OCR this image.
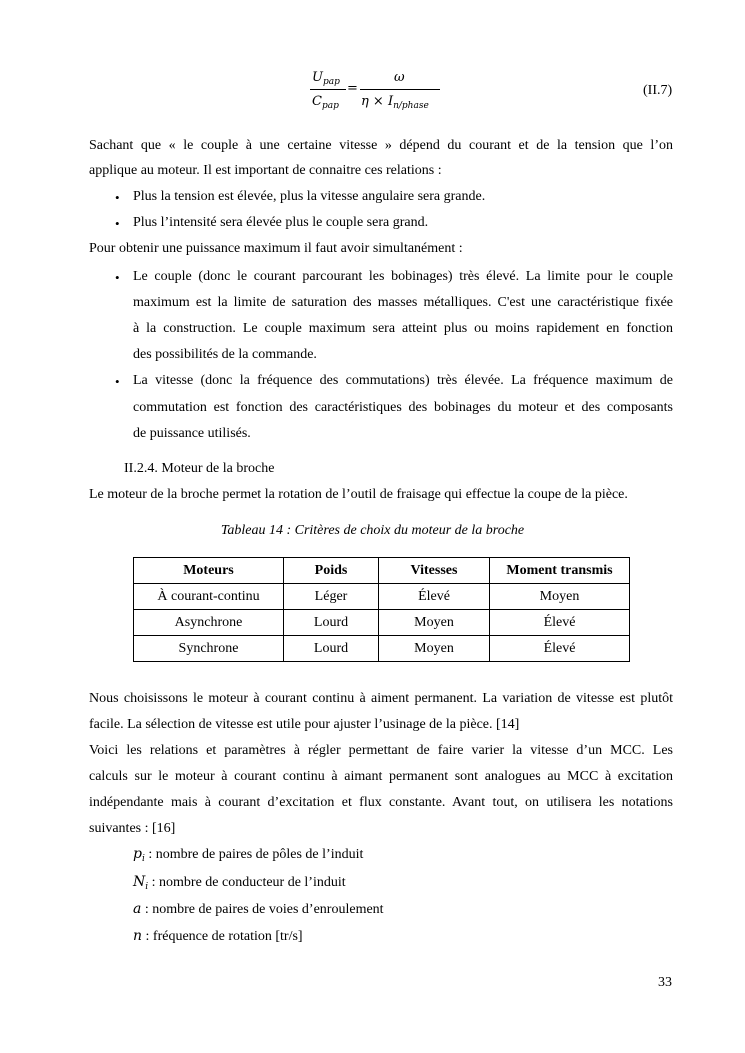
$U_{pap}$
$C_{pap}$
=
ω
$\eta \times I_{n/phase}$
(II.7)
Sachant que « le couple à une certaine vitesse » dépend du courant et de la tension que l’on
applique au moteur. Il est important de connaitre ces relations :
• Plus la tension est élevée, plus la vitesse angulaire sera grande.
• Plus l’intensité sera élevée plus le couple sera grand.
Pour obtenir une puissance maximum il faut avoir simultanément :
• Le couple (donc le courant parcourant les bobinages) très élevé. La limite pour le couple
maximum est la limite de saturation des masses métalliques. C'est une caractéristique fixée
à la construction. Le couple maximum sera atteint plus ou moins rapidement en fonction
des possibilités de la commande.
• La vitesse (donc la fréquence des commutations) très élevée. La fréquence maximum de
commutation est fonction des caractéristiques des bobinages du moteur et des composants
de puissance utilisés.
II.2.4. Moteur de la broche
Le moteur de la broche permet la rotation de l’outil de fraisage qui effectue la coupe de la pièce.
Tableau 14 : Critères de choix du moteur de la broche
Moteurs	Poids	Vitesses	Moment transmis
À courant-continu	Léger	Élevé	Moyen
Asynchrone	Lourd	Moyen	Élevé
Synchrone	Lourd	Moyen	Élevé
Nous choisissons le moteur à courant continu à aiment permanent. La variation de vitesse est plutôt
facile. La sélection de vitesse est utile pour ajuster l’usinage de la pièce. [14]
Voici les relations et paramètres à régler permettant de faire varier la vitesse d’un MCC. Les
calculs sur le moteur à courant continu à aimant permanent sont analogues au MCC à excitation
indépendante mais à courant d’excitation et flux constante. Avant tout, on utilisera les notations
suivantes : [16]
$p_i$ : nombre de paires de pôles de l’induit
$N_i$ : nombre de conducteur de l’induit
a : nombre de paires de voies d’enroulement
n : fréquence de rotation [tr/s]
33
